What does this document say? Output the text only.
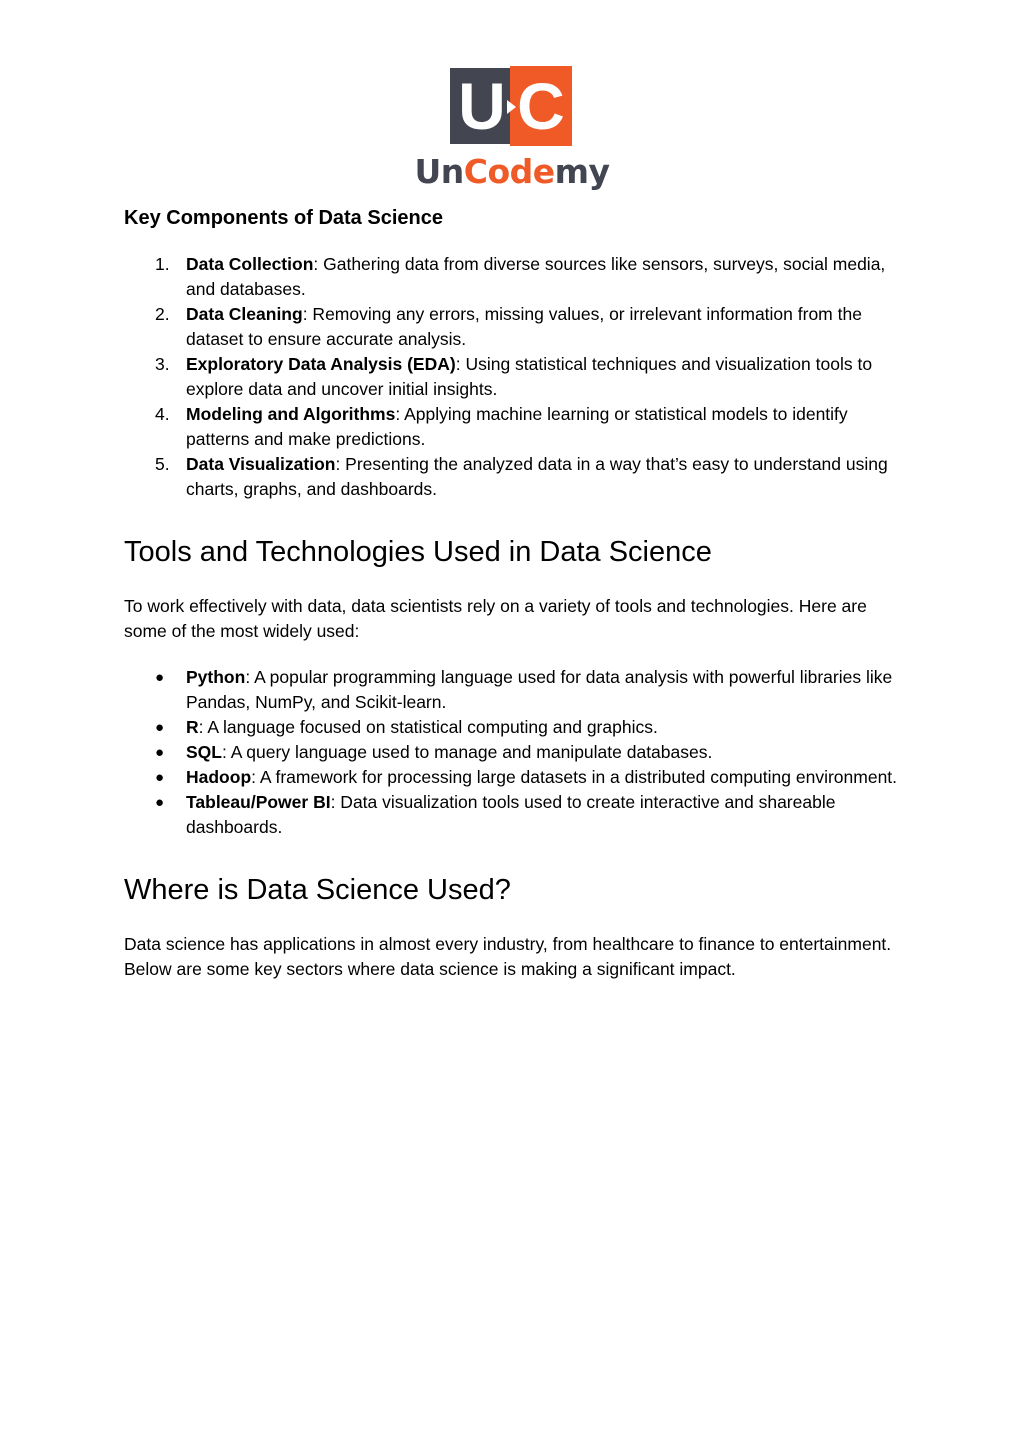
U C
UnCodemy
Key Components of Data Science
1. Data Collection: Gathering data from diverse sources like sensors, surveys, social media, and databases.
2. Data Cleaning: Removing any errors, missing values, or irrelevant information from the dataset to ensure accurate analysis.
3. Exploratory Data Analysis (EDA): Using statistical techniques and visualization tools to explore data and uncover initial insights.
4. Modeling and Algorithms: Applying machine learning or statistical models to identify patterns and make predictions.
5. Data Visualization: Presenting the analyzed data in a way that’s easy to understand using charts, graphs, and dashboards.
Tools and Technologies Used in Data Science

To work effectively with data, data scientists rely on a variety of tools and technologies. Here are some of the most widely used:

● Python: A popular programming language used for data analysis with powerful libraries like Pandas, NumPy, and Scikit-learn.
● R: A language focused on statistical computing and graphics.
● SQL: A query language used to manage and manipulate databases.
● Hadoop: A framework for processing large datasets in a distributed computing environment.
● Tableau/Power BI: Data visualization tools used to create interactive and shareable dashboards.
Where is Data Science Used?

Data science has applications in almost every industry, from healthcare to finance to entertainment. Below are some key sectors where data science is making a significant impact.
